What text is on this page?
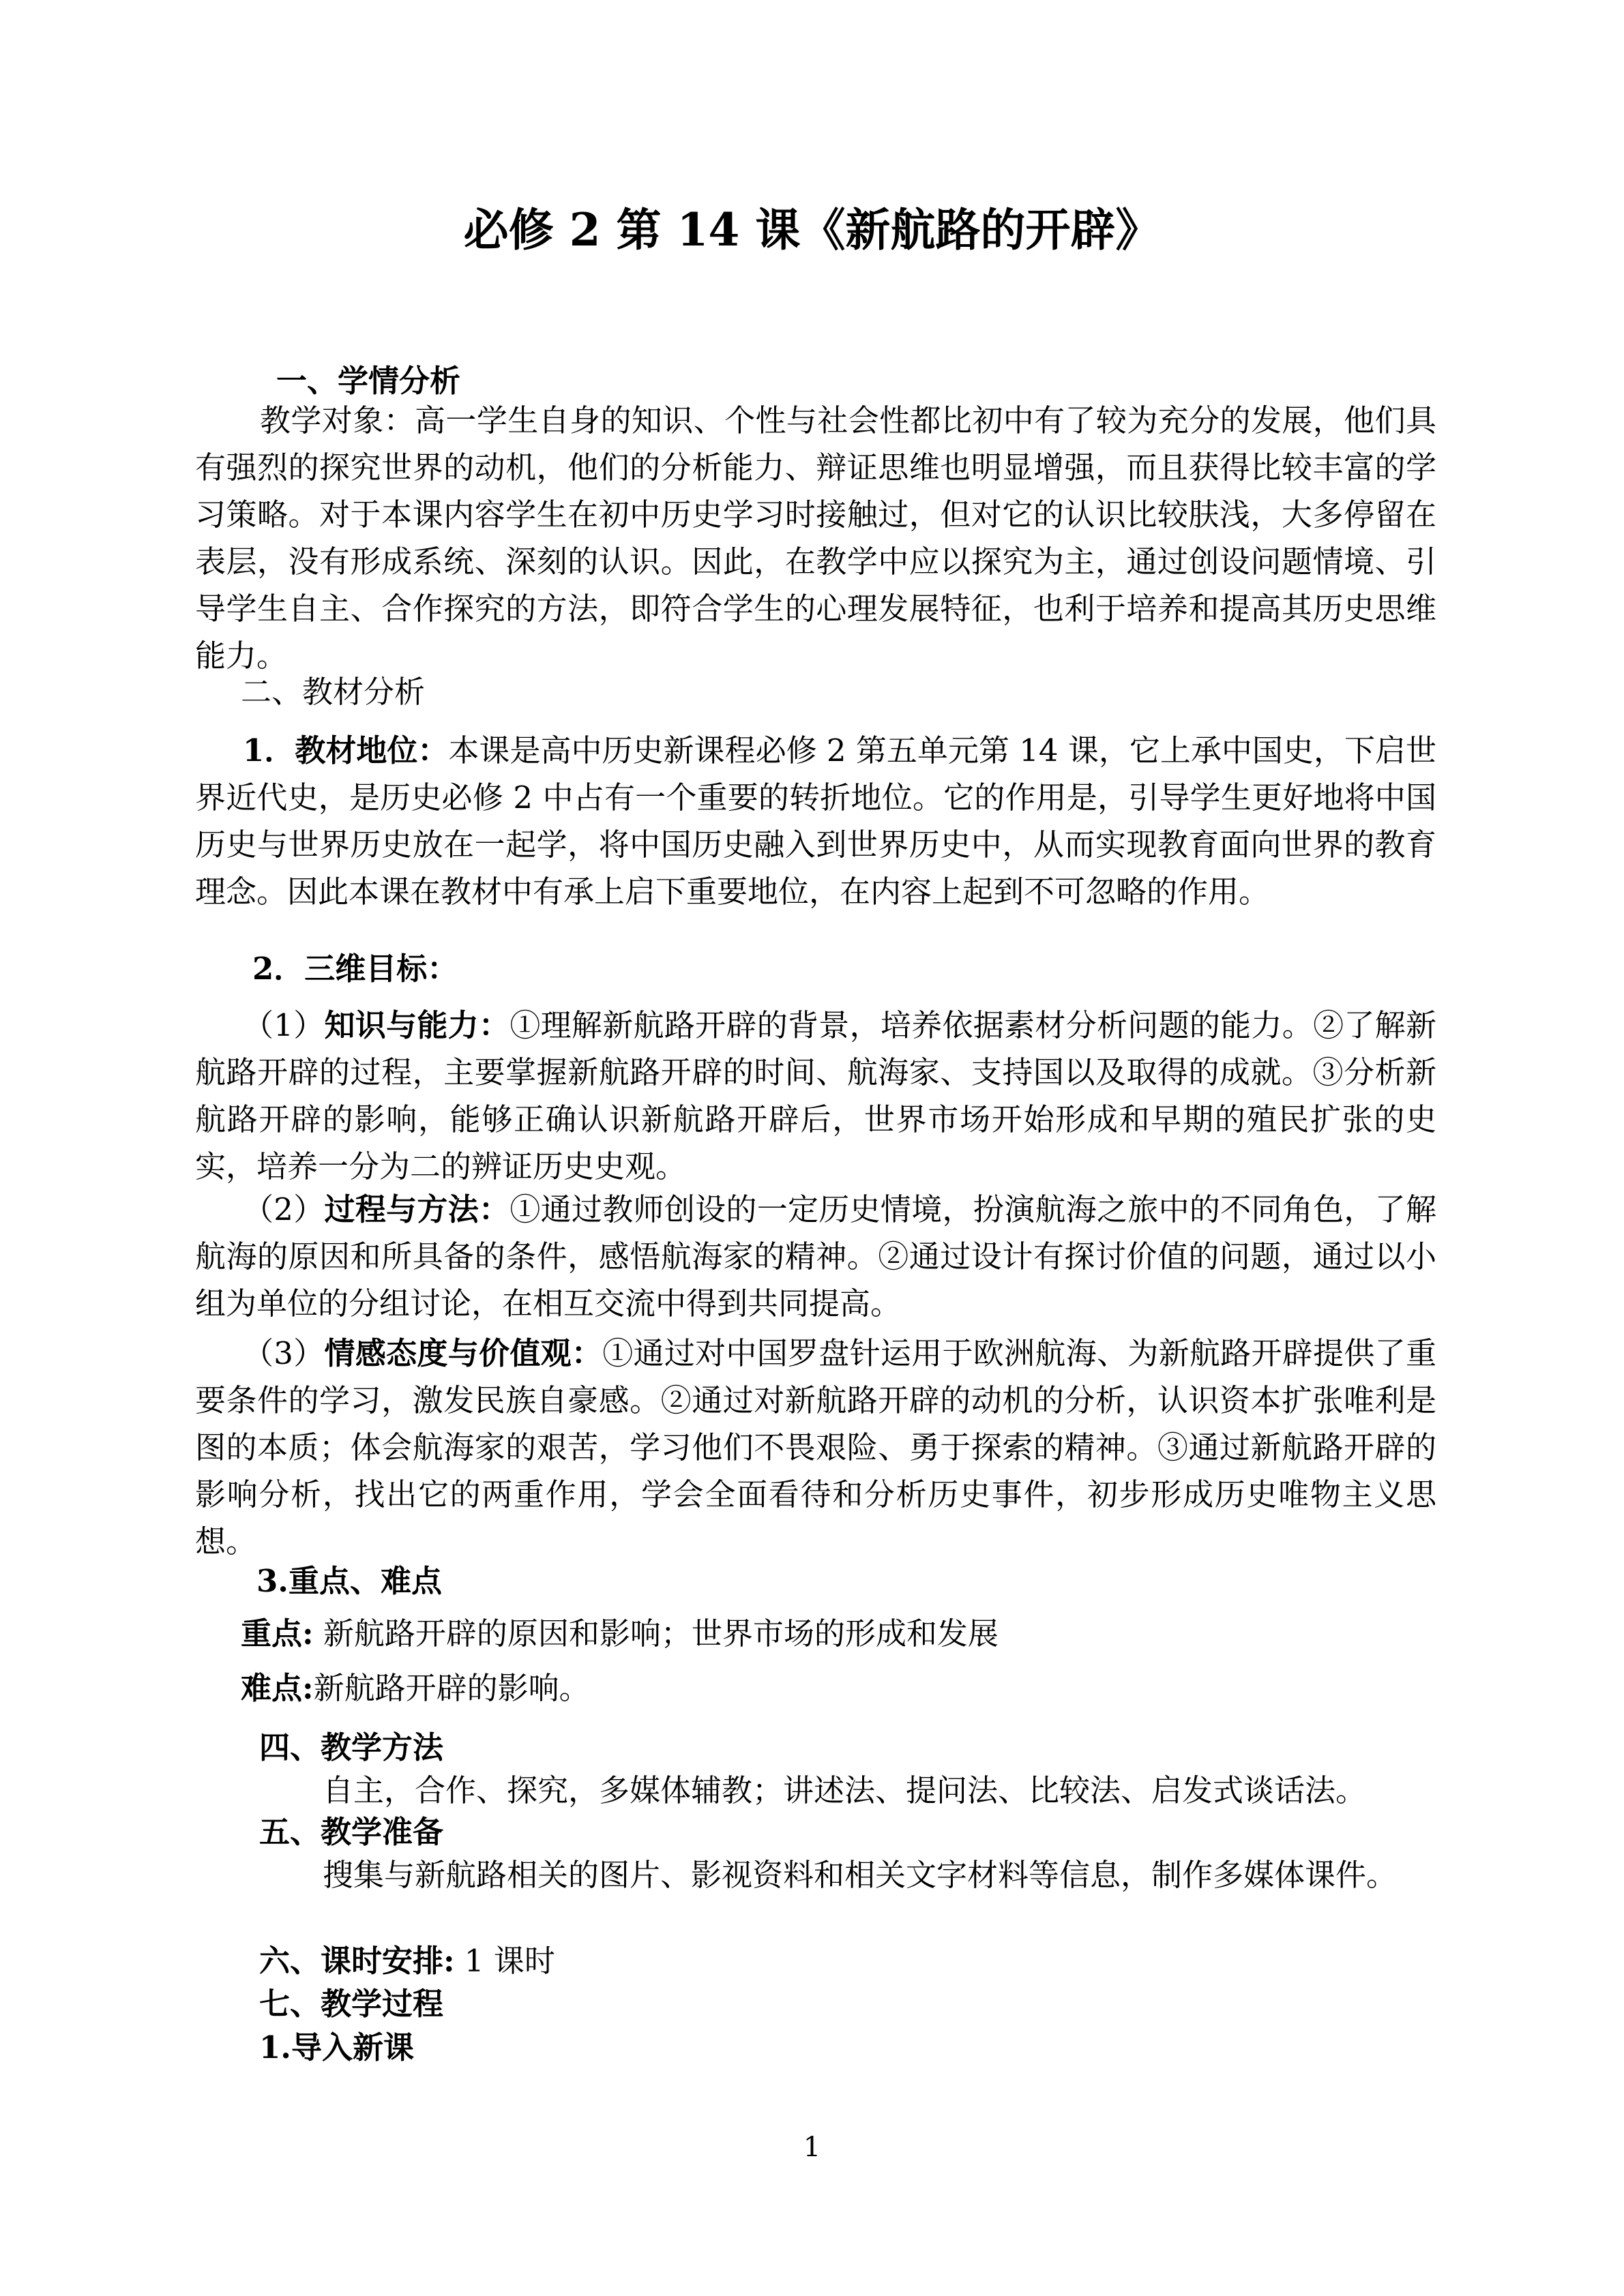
必修 2 第 14 课《新航路的开辟》
一、学情分析

教学对象：高一学生自身的知识、个性与社会性都比初中有了较为充分的发展，他们具有强烈的探究世界的动机，他们的分析能力、辩证思维也明显增强，而且获得比较丰富的学习策略。对于本课内容学生在初中历史学习时接触过，但对它的认识比较肤浅，大多停留在表层，没有形成系统、深刻的认识。因此，在教学中应以探究为主，通过创设问题情境、引导学生自主、合作探究的方法，即符合学生的心理发展特征，也利于培养和提高其历史思维能力。

二、教材分析

1．教材地位：本课是高中历史新课程必修 2 第五单元第 14 课，它上承中国史，下启世界近代史，是历史必修 2 中占有一个重要的转折地位。它的作用是，引导学生更好地将中国历史与世界历史放在一起学，将中国历史融入到世界历史中，从而实现教育面向世界的教育理念。因此本课在教材中有承上启下重要地位，在内容上起到不可忽略的作用。

2．三维目标：

（1）知识与能力：①理解新航路开辟的背景，培养依据素材分析问题的能力。②了解新航路开辟的过程，主要掌握新航路开辟的时间、航海家、支持国以及取得的成就。③分析新航路开辟的影响，能够正确认识新航路开辟后，世界市场开始形成和早期的殖民扩张的史实，培养一分为二的辨证历史史观。

（2）过程与方法：①通过教师创设的一定历史情境，扮演航海之旅中的不同角色，了解航海的原因和所具备的条件，感悟航海家的精神。②通过设计有探讨价值的问题，通过以小组为单位的分组讨论，在相互交流中得到共同提高。

（3）情感态度与价值观：①通过对中国罗盘针运用于欧洲航海、为新航路开辟提供了重要条件的学习，激发民族自豪感。②通过对新航路开辟的动机的分析，认识资本扩张唯利是图的本质；体会航海家的艰苦，学习他们不畏艰险、勇于探索的精神。③通过新航路开辟的影响分析，找出它的两重作用，学会全面看待和分析历史事件，初步形成历史唯物主义思想。

3.重点、难点
重点: 新航路开辟的原因和影响；世界市场的形成和发展
难点:新航路开辟的影响。
四、教学方法
自主，合作、探究，多媒体辅教；讲述法、提问法、比较法、启发式谈话法。
五、教学准备

搜集与新航路相关的图片、影视资料和相关文字材料等信息，制作多媒体课件。

六、课时安排: 1 课时
七、教学过程
1.导入新课
1
